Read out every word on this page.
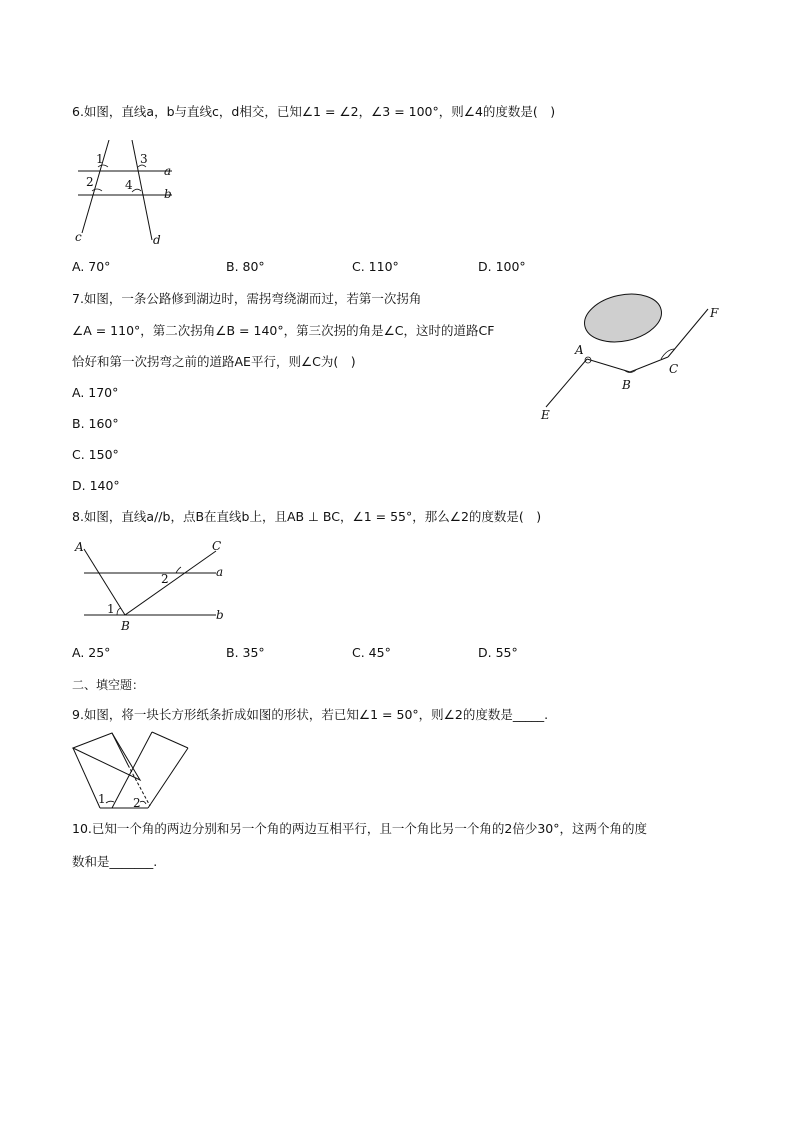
6.如图，直线a，b与直线c，d相交，已知∠1 = ∠2，∠3 = 100°，则∠4的度数是(　)
1
2
3
4
a
b
c	d
A. 70°	B. 80°	C. 110°	D. 100°
7.如图，一条公路修到湖边时，需拐弯绕湖而过，若第一次拐角
∠A = 110°，第二次拐角∠B = 140°，第三次拐的角是∠C，这时的道路CF
恰好和第一次拐弯之前的道路AE平行，则∠C为(　)
A. 170°
B. 160°
C. 150°
D. 140°
A
B
C
E
F
8.如图，直线a//b，点B在直线b上，且AB ⊥ BC，∠1 = 55°，那么∠2的度数是(　)
A
B
C
a
b
1
2
A. 25°	B. 35°	C. 45°	D. 55°
二、填空题：
9.如图，将一块长方形纸条折成如图的形状，若已知∠1 = 50°，则∠2的度数是_____.
1 2
10.已知一个角的两边分别和另一个角的两边互相平行，且一个角比另一个角的2倍少30°，这两个角的度
数和是_______.
